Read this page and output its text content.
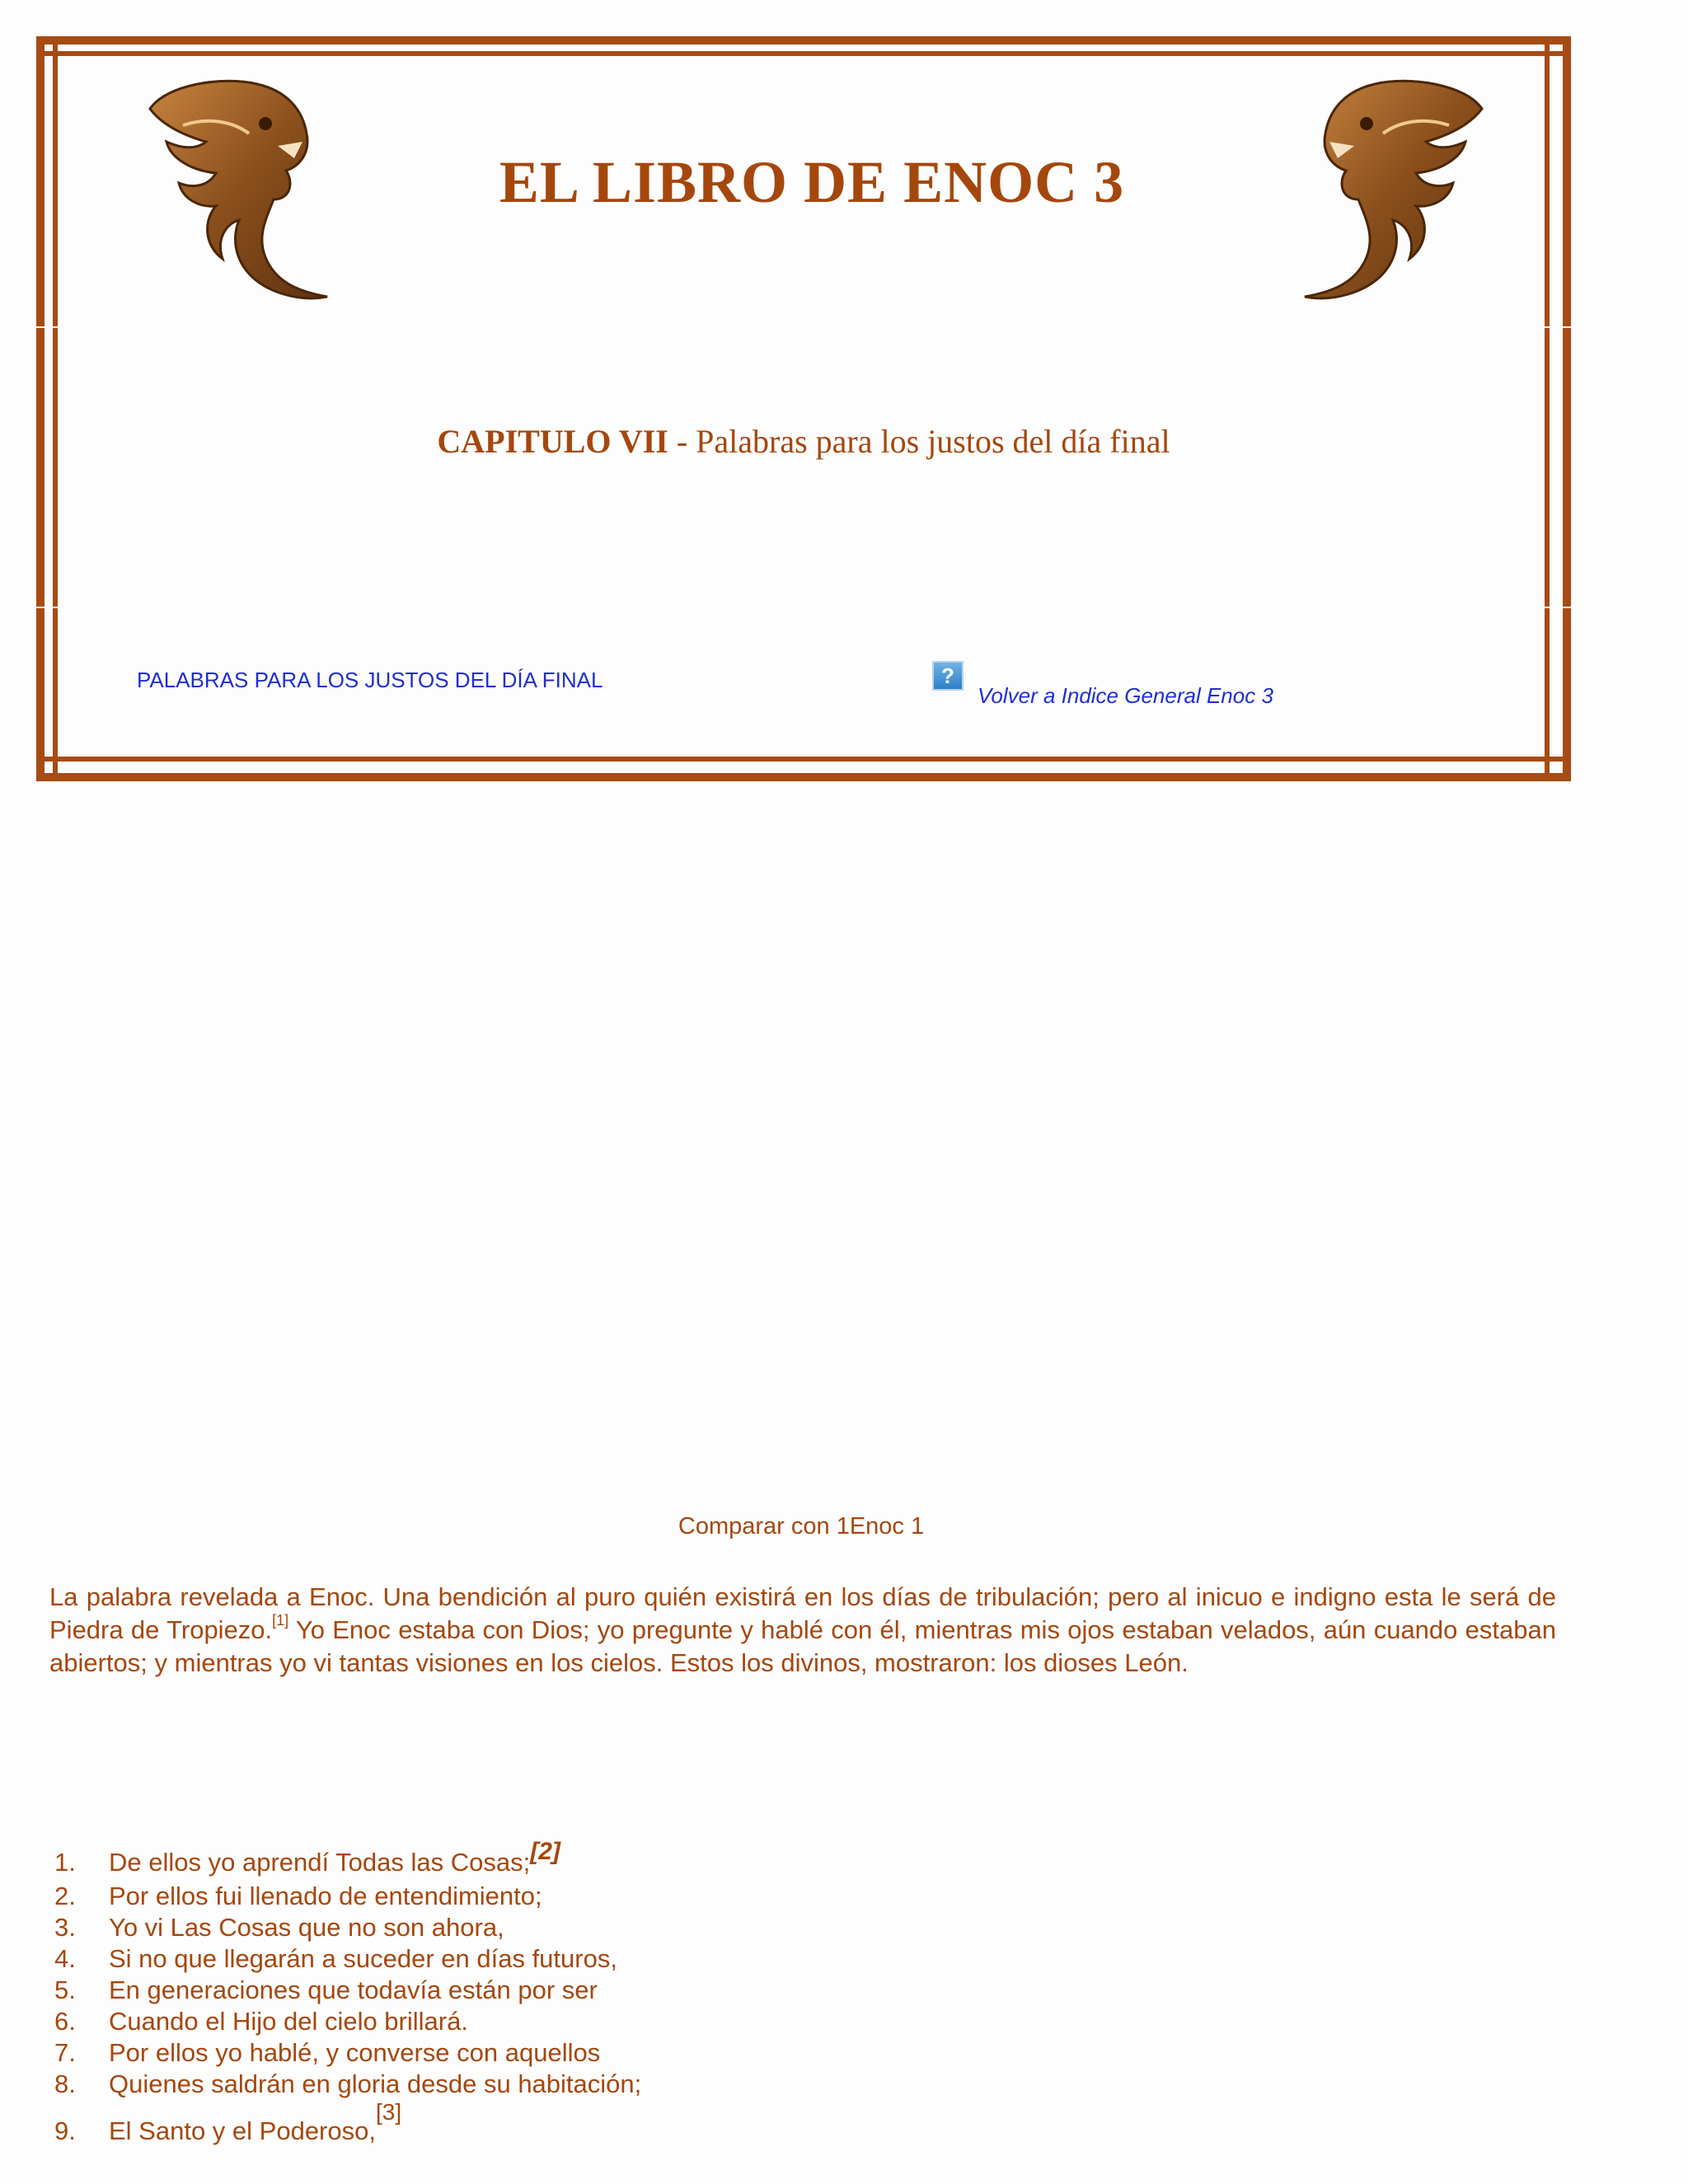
EL LIBRO DE ENOC 3

CAPITULO VII - Palabras para los justos del día final

PALABRAS PARA LOS JUSTOS DEL DÍA FINAL	?
Volver a Indice General Enoc 3

Comparar con 1Enoc 1

La palabra revelada a Enoc. Una bendición al puro quién existirá en los días de tribulación; pero al inicuo e indigno esta le será de Piedra de Tropiezo.[1] Yo Enoc estaba con Dios; yo pregunte y hablé con él, mientras mis ojos estaban velados, aún cuando estaban abiertos; y mientras yo vi tantas visiones en los cielos. Estos los divinos, mostraron: los dioses León.

1. De ellos yo aprendí Todas las Cosas;[2]
2. Por ellos fui llenado de entendimiento;
3. Yo vi Las Cosas que no son ahora,
4. Si no que llegarán a suceder en días futuros,
5. En generaciones que todavía están por ser
6. Cuando el Hijo del cielo brillará.
7. Por ellos yo hablé, y converse con aquellos
8. Quienes saldrán en gloria desde su habitación;
9. El Santo y el Poderoso,[3]
